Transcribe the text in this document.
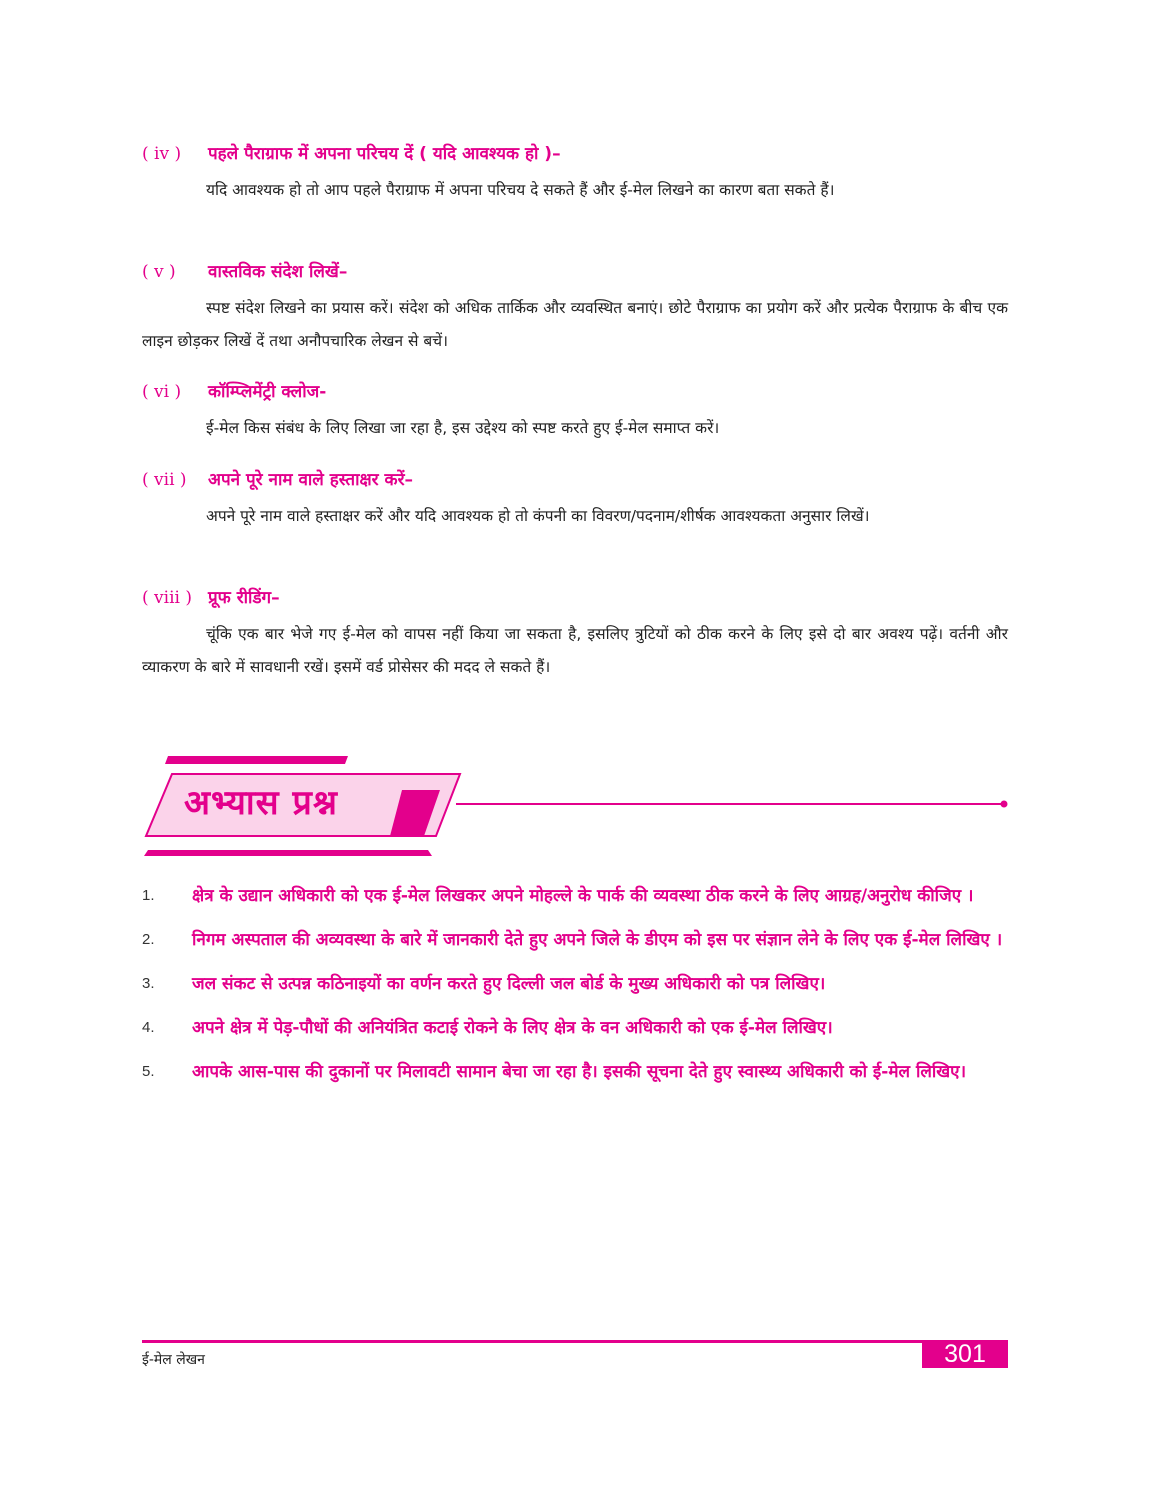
( iv ) पहले पैराग्राफ में अपना परिचय दें ( यदि आवश्यक हो )–
यदि आवश्यक हो तो आप पहले पैराग्राफ में अपना परिचय दे सकते हैं और ई-मेल लिखने का कारण बता सकते हैं।
( v ) वास्तविक संदेश लिखें–
स्पष्ट संदेश लिखने का प्रयास करें। संदेश को अधिक तार्किक और व्यवस्थित बनाएं। छोटे पैराग्राफ का प्रयोग करें और प्रत्येक पैराग्राफ के बीच एक लाइन छोड़कर लिखें दें तथा अनौपचारिक लेखन से बचें।
( vi ) कॉम्प्लिमेंट्री क्लोज-
ई-मेल किस संबंध के लिए लिखा जा रहा है, इस उद्देश्य को स्पष्ट करते हुए ई-मेल समाप्त करें।
( vii ) अपने पूरे नाम वाले हस्ताक्षर करें–
अपने पूरे नाम वाले हस्ताक्षर करें और यदि आवश्यक हो तो कंपनी का विवरण/पदनाम/शीर्षक आवश्यकता अनुसार लिखें।
( viii ) प्रूफ रीडिंग–
चूंकि एक बार भेजे गए ई-मेल को वापस नहीं किया जा सकता है, इसलिए त्रुटियों को ठीक करने के लिए इसे दो बार अवश्य पढ़ें। वर्तनी और व्याकरण के बारे में सावधानी रखें। इसमें वर्ड प्रोसेसर की मदद ले सकते हैं।
अभ्यास प्रश्न
1. क्षेत्र के उद्यान अधिकारी को एक ई-मेल लिखकर अपने मोहल्ले के पार्क की व्यवस्था ठीक करने के लिए आग्रह/अनुरोध कीजिए ।
2. निगम अस्पताल की अव्यवस्था के बारे में जानकारी देते हुए अपने जिले के डीएम को इस पर संज्ञान लेने के लिए एक ई-मेल लिखिए ।
3. जल संकट से उत्पन्न कठिनाइयों का वर्णन करते हुए दिल्ली जल बोर्ड के मुख्य अधिकारी को पत्र लिखिए।
4. अपने क्षेत्र में पेड़-पौधों की अनियंत्रित कटाई रोकने के लिए क्षेत्र के वन अधिकारी को एक ई-मेल लिखिए।
5. आपके आस-पास की दुकानों पर मिलावटी सामान बेचा जा रहा है। इसकी सूचना देते हुए स्वास्थ्य अधिकारी को ई-मेल लिखिए।
ई-मेल लेखन	301
